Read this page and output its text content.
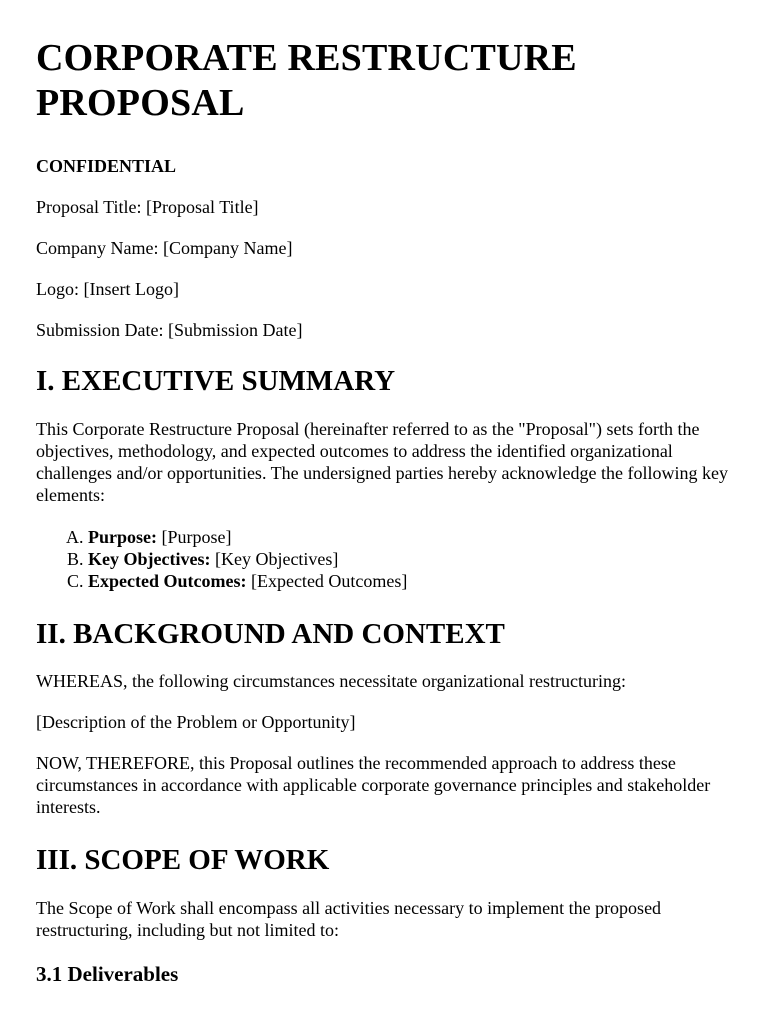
CORPORATE RESTRUCTURE PROPOSAL

CONFIDENTIAL

Proposal Title: [Proposal Title]

Company Name: [Company Name]

Logo: [Insert Logo]

Submission Date: [Submission Date]

I. EXECUTIVE SUMMARY

This Corporate Restructure Proposal (hereinafter referred to as the "Proposal") sets forth the objectives, methodology, and expected outcomes to address the identified organizational challenges and/or opportunities. The undersigned parties hereby acknowledge the following key elements:

A. Purpose: [Purpose]
B. Key Objectives: [Key Objectives]
C. Expected Outcomes: [Expected Outcomes]
II. BACKGROUND AND CONTEXT

WHEREAS, the following circumstances necessitate organizational restructuring:

[Description of the Problem or Opportunity]

NOW, THEREFORE, this Proposal outlines the recommended approach to address these circumstances in accordance with applicable corporate governance principles and stakeholder interests.

III. SCOPE OF WORK

The Scope of Work shall encompass all activities necessary to implement the proposed restructuring, including but not limited to:

3.1 Deliverables
